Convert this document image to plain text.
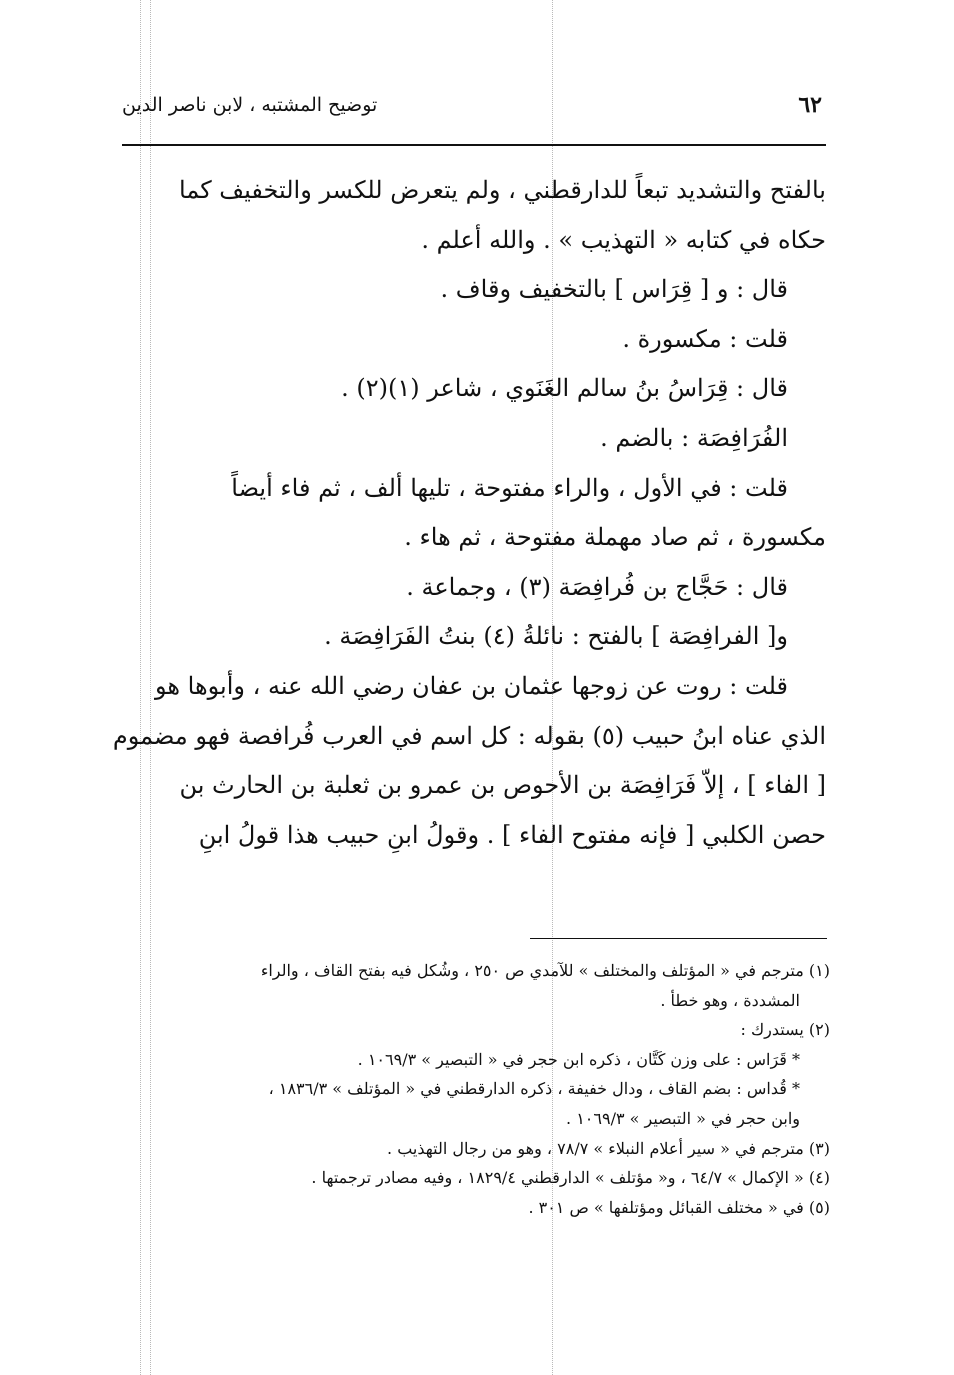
٦٢
توضيح المشتبه ، لابن ناصر الدين

بالفتح والتشديد تبعاً للدارقطني ، ولم يتعرض للكسر والتخفيف كما

حكاه في كتابه « التهذيب » . والله أعلم .

قال : و [ قِرَاس ] بالتخفيف وقاف .

قلت : مكسورة .

قال : قِرَاسُ بنُ سالم الغَنَوي ، شاعر (١)(٢) .

الفُرَافِصَة : بالضم .

قلت : في الأول ، والراء مفتوحة ، تليها ألف ، ثم فاء أيضاً

مكسورة ، ثم صاد مهملة مفتوحة ، ثم هاء .

قال : حَجَّاج بن فُرافِصَة (٣) ، وجماعة .

و[ الفرافِصَة ] بالفتح : نائلةُ (٤) بنتُ الفَرَافِصَة .

قلت : روت عن زوجها عثمان بن عفان رضي الله عنه ، وأبوها هو

الذي عناه ابنُ حبيب (٥) بقوله : كل اسم في العرب فُرافصة فهو مضموم

[ الفاء ] ، إلاّ فَرَافِصَة بن الأحوص بن عمرو بن ثعلبة بن الحارث بن

حصن الكلبي [ فإنه مفتوح الفاء ] . وقولُ ابنِ حبيب هذا قولُ ابنِ

(١) مترجم في « المؤتلف والمختلف » للآمدي ص ٢٥٠ ، وشُكل فيه بفتح القاف ، والراء

المشددة ، وهو خطأ .

(٢) يستدرك :

* قَرَاس : على وزن كَتَّان ، ذكره ابن حجر في « التبصير » ١٠٦٩/٣ .

* قُداس : بضم القاف ، ودال خفيفة ، ذكره الدارقطني في « المؤتلف » ١٨٣٦/٣ ،

وابن حجر في « التبصير » ١٠٦٩/٣ .

(٣) مترجم في « سير أعلام النبلاء » ٧٨/٧ ، وهو من رجال التهذيب .

(٤) « الإكمال » ٦٤/٧ ، و« مؤتلف » الدارقطني ١٨٢٩/٤ ، وفيه مصادر ترجمتها .

(٥) في « مختلف القبائل ومؤتلفها » ص ٣٠١ .
